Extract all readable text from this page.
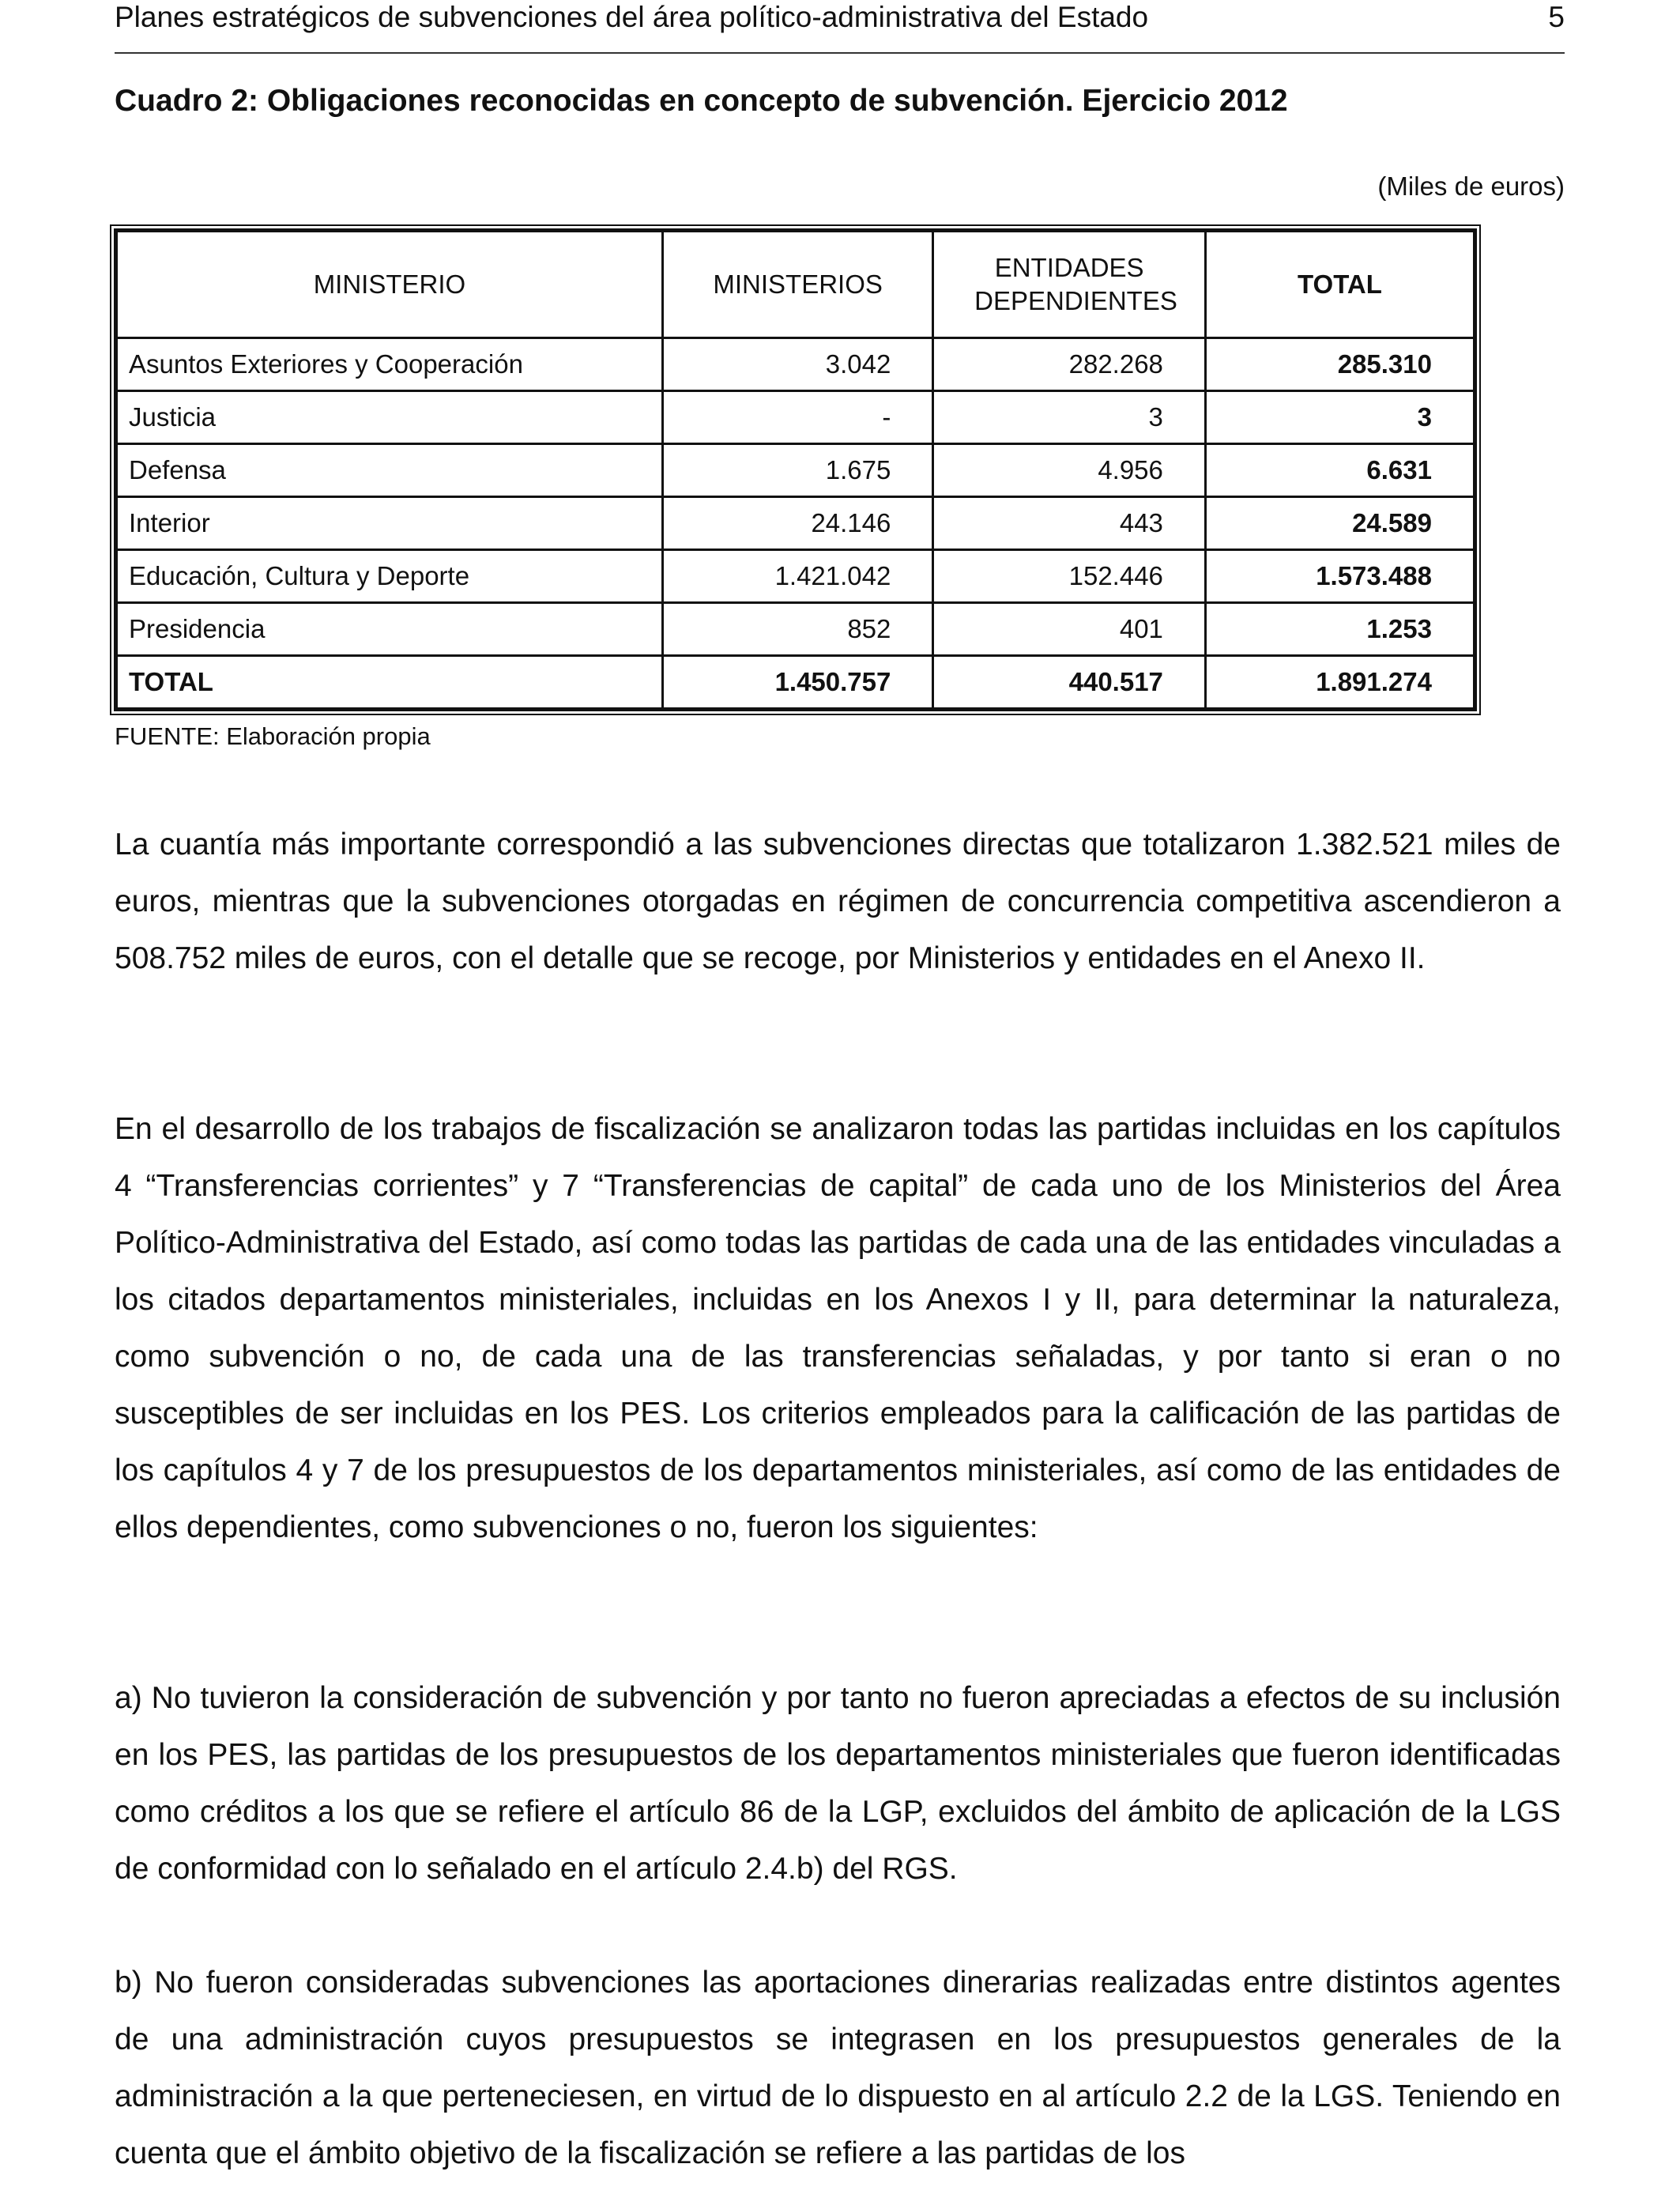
Planes estratégicos de subvenciones del área político-administrativa del Estado	5
Cuadro 2: Obligaciones reconocidas en concepto de subvención. Ejercicio 2012
(Miles de euros)
MINISTERIO	MINISTERIOS	ENTIDADES DEPENDIENTES	TOTAL
Asuntos Exteriores y Cooperación	3.042	282.268	285.310
Justicia	-	3	3
Defensa	1.675	4.956	6.631
Interior	24.146	443	24.589
Educación, Cultura y Deporte	1.421.042	152.446	1.573.488
Presidencia	852	401	1.253
TOTAL	1.450.757	440.517	1.891.274
FUENTE: Elaboración propia

La cuantía más importante correspondió a las subvenciones directas que totalizaron 1.382.521 miles de euros, mientras que la subvenciones otorgadas en régimen de concurrencia competitiva ascendieron a 508.752 miles de euros, con el detalle que se recoge, por Ministerios y entidades en el Anexo II.

En el desarrollo de los trabajos de fiscalización se analizaron todas las partidas incluidas en los capítulos 4 “Transferencias corrientes” y 7 “Transferencias de capital” de cada uno de los Ministerios del Área Político-Administrativa del Estado, así como todas las partidas de cada una de las entidades vinculadas a los citados departamentos ministeriales, incluidas en los Anexos I y II, para determinar la naturaleza, como subvención o no, de cada una de las transferencias señaladas, y por tanto si eran o no susceptibles de ser incluidas en los PES. Los criterios empleados para la calificación de las partidas de los capítulos 4 y 7 de los presupuestos de los departamentos ministeriales, así como de las entidades de ellos dependientes, como subvenciones o no, fueron los siguientes:

a) No tuvieron la consideración de subvención y por tanto no fueron apreciadas a efectos de su inclusión en los PES, las partidas de los presupuestos de los departamentos ministeriales que fueron identificadas como créditos a los que se refiere el artículo 86 de la LGP, excluidos del ámbito de aplicación de la LGS de conformidad con lo señalado en el artículo 2.4.b) del RGS.

b) No fueron consideradas subvenciones las aportaciones dinerarias realizadas entre distintos agentes de una administración cuyos presupuestos se integrasen en los presupuestos generales de la administración a la que perteneciesen, en virtud de lo dispuesto en al artículo 2.2 de la LGS. Teniendo en cuenta que el ámbito objetivo de la fiscalización se refiere a las partidas de los
